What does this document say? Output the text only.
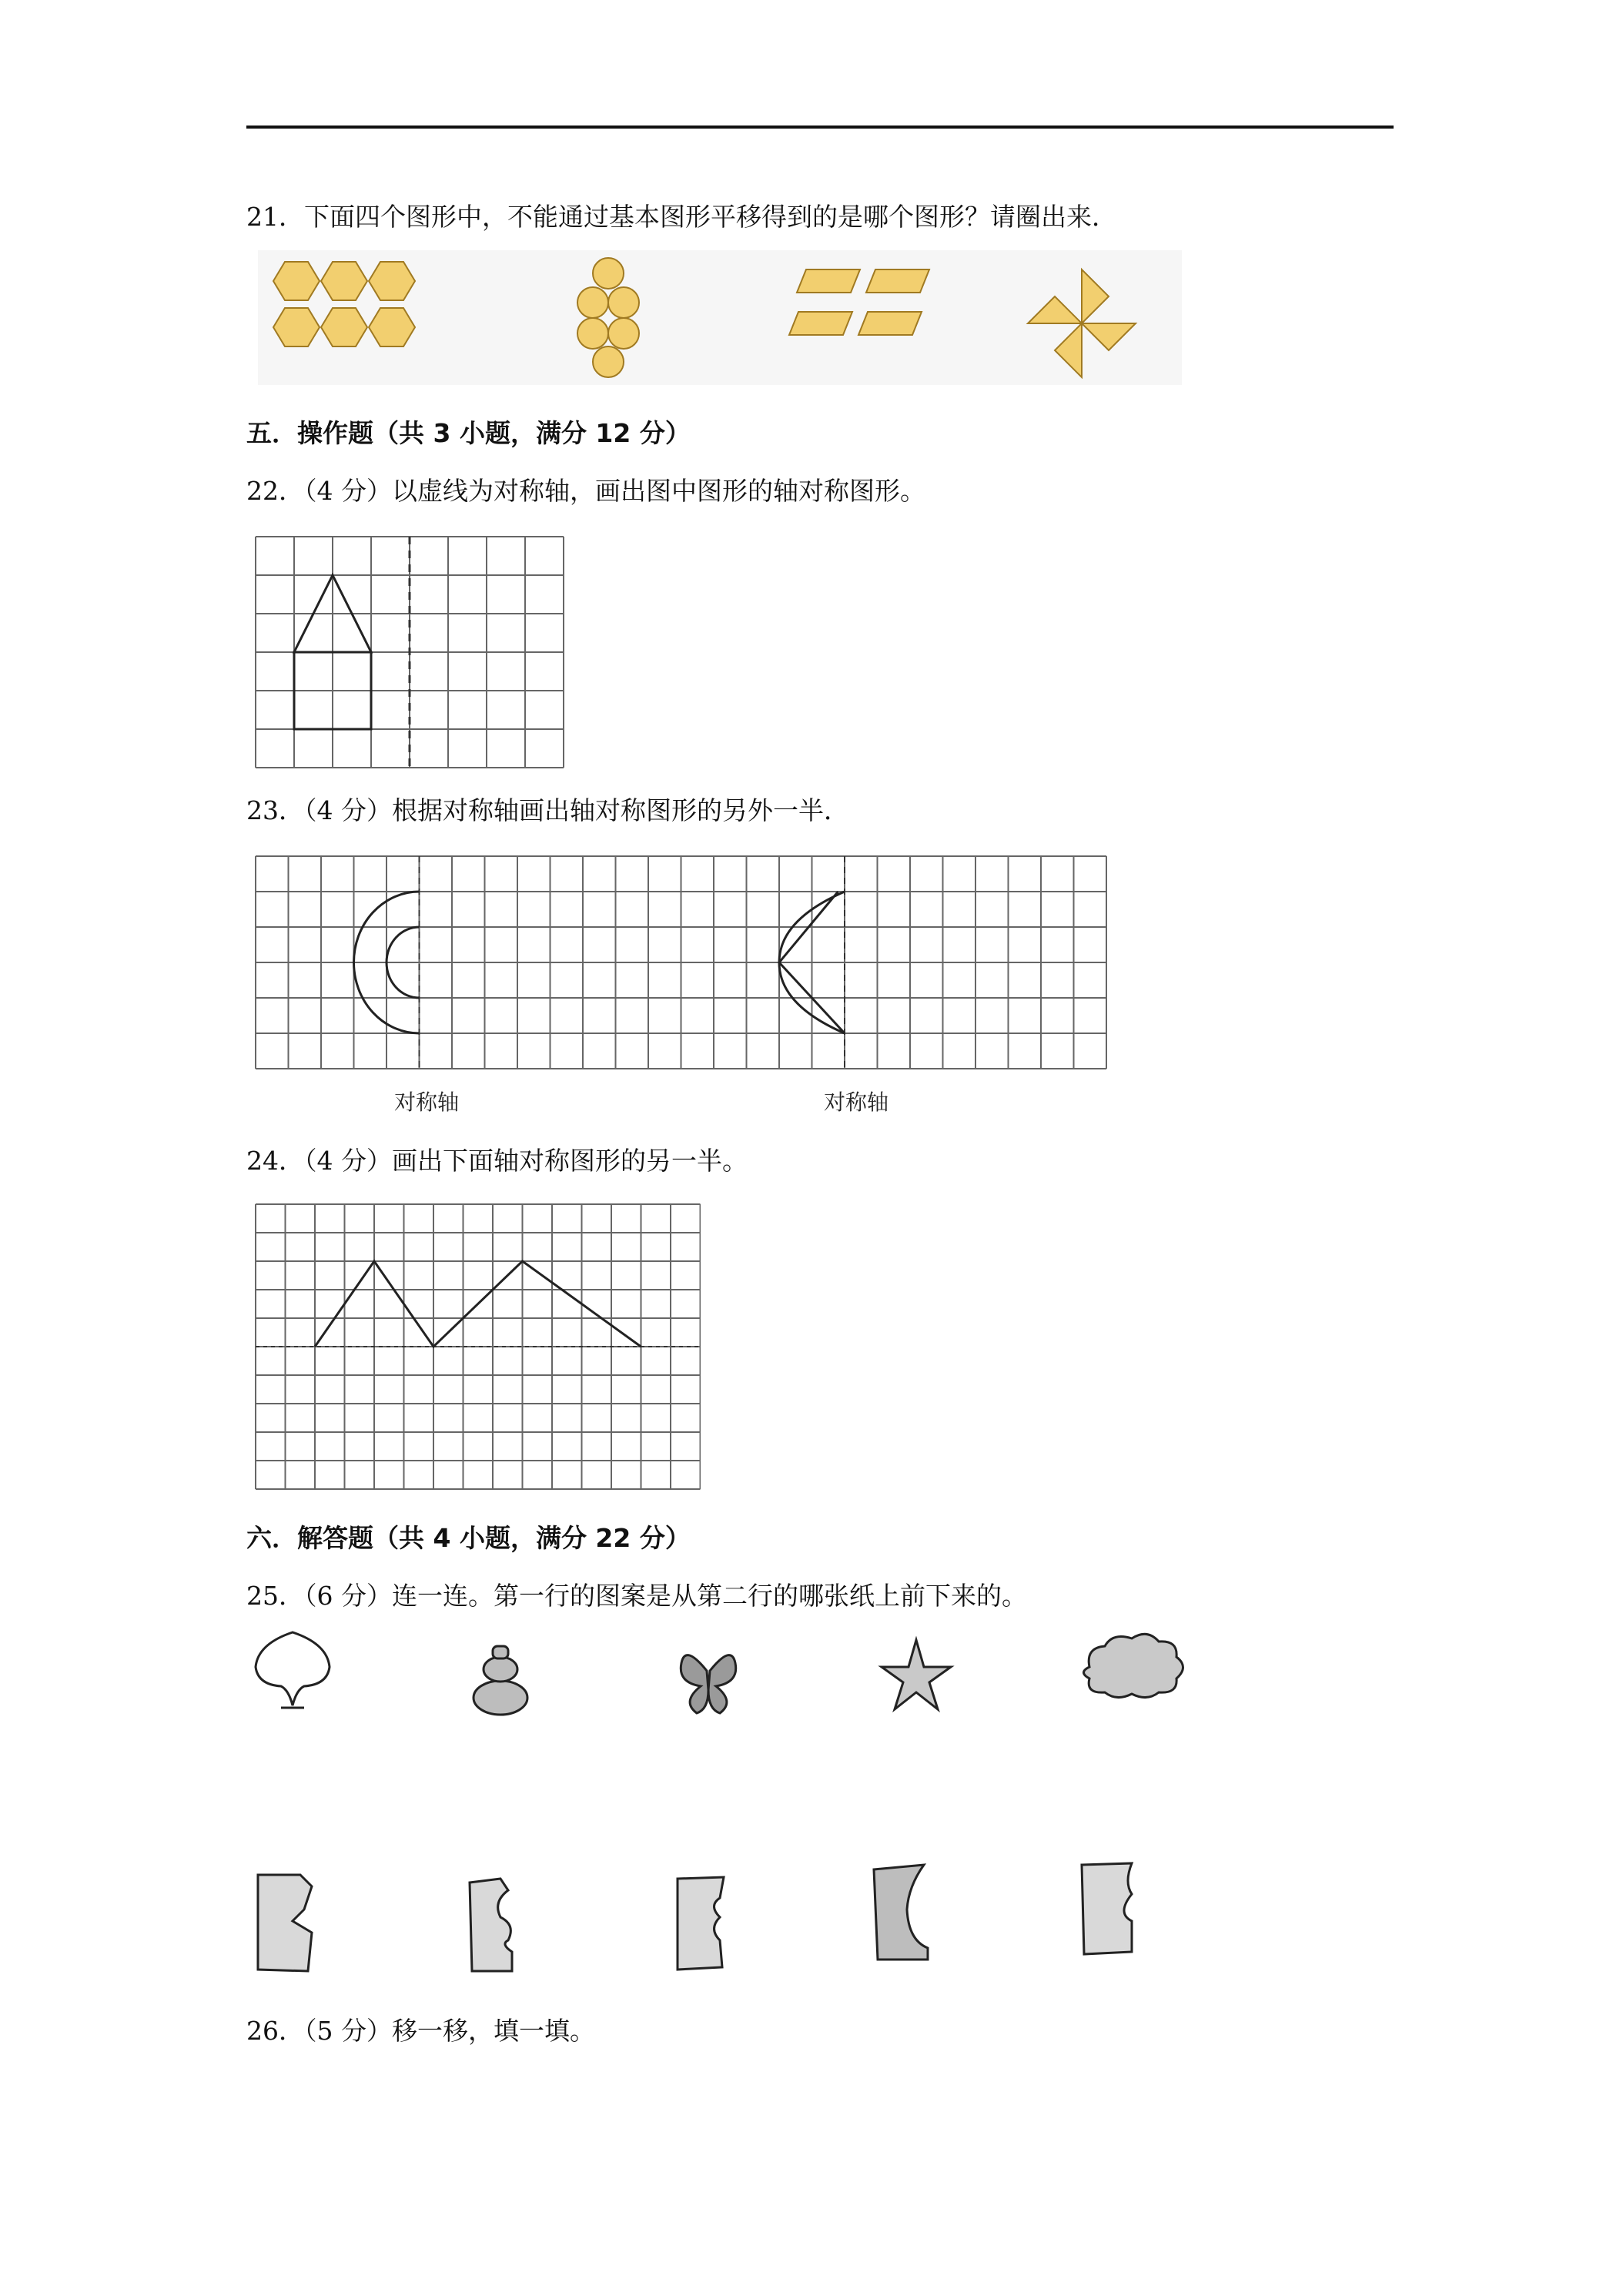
21．下面四个图形中，不能通过基本图形平移得到的是哪个图形？请圈出来．
五．操作题（共 3 小题，满分 12 分）
22．（4 分）以虚线为对称轴，画出图中图形的轴对称图形。
23．（4 分）根据对称轴画出轴对称图形的另外一半．
对称轴	对称轴
24．（4 分）画出下面轴对称图形的另一半。
六．解答题（共 4 小题，满分 22 分）
25．（6 分）连一连。第一行的图案是从第二行的哪张纸上前下来的。
26．（5 分）移一移，填一填。
